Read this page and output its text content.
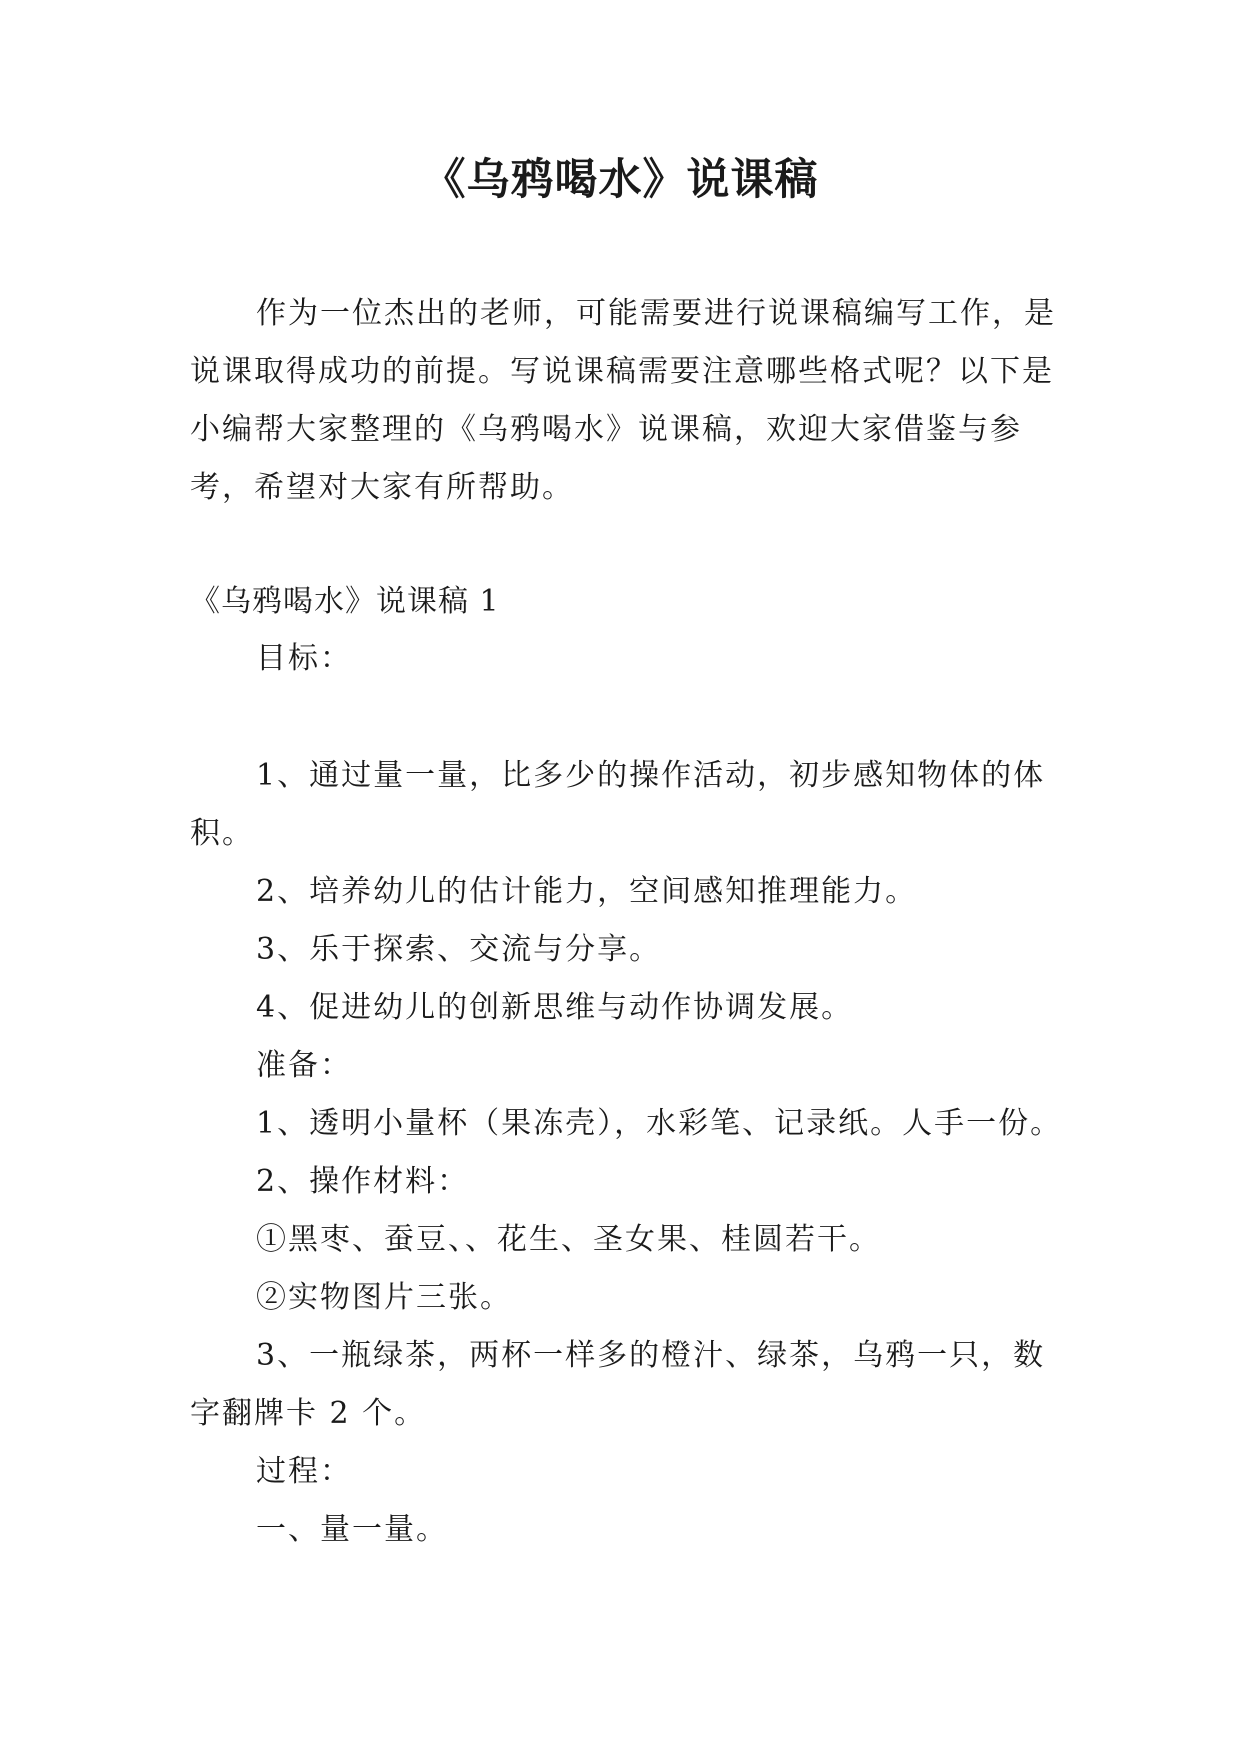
《乌鸦喝水》说课稿

作为一位杰出的老师，可能需要进行说课稿编写工作，是说课取得成功的前提。写说课稿需要注意哪些格式呢？以下是小编帮大家整理的《乌鸦喝水》说课稿，欢迎大家借鉴与参考，希望对大家有所帮助。

《乌鸦喝水》说课稿 1

目标：

1、通过量一量，比多少的操作活动，初步感知物体的体积。

2、培养幼儿的估计能力，空间感知推理能力。

3、乐于探索、交流与分享。

4、促进幼儿的创新思维与动作协调发展。

准备：

1、透明小量杯（果冻壳），水彩笔、记录纸。人手一份。

2、操作材料：

①黑枣、蚕豆、、花生、圣女果、桂圆若干。

②实物图片三张。

3、一瓶绿茶，两杯一样多的橙汁、绿茶，乌鸦一只，数字翻牌卡 2 个。

过程：

一、量一量。
